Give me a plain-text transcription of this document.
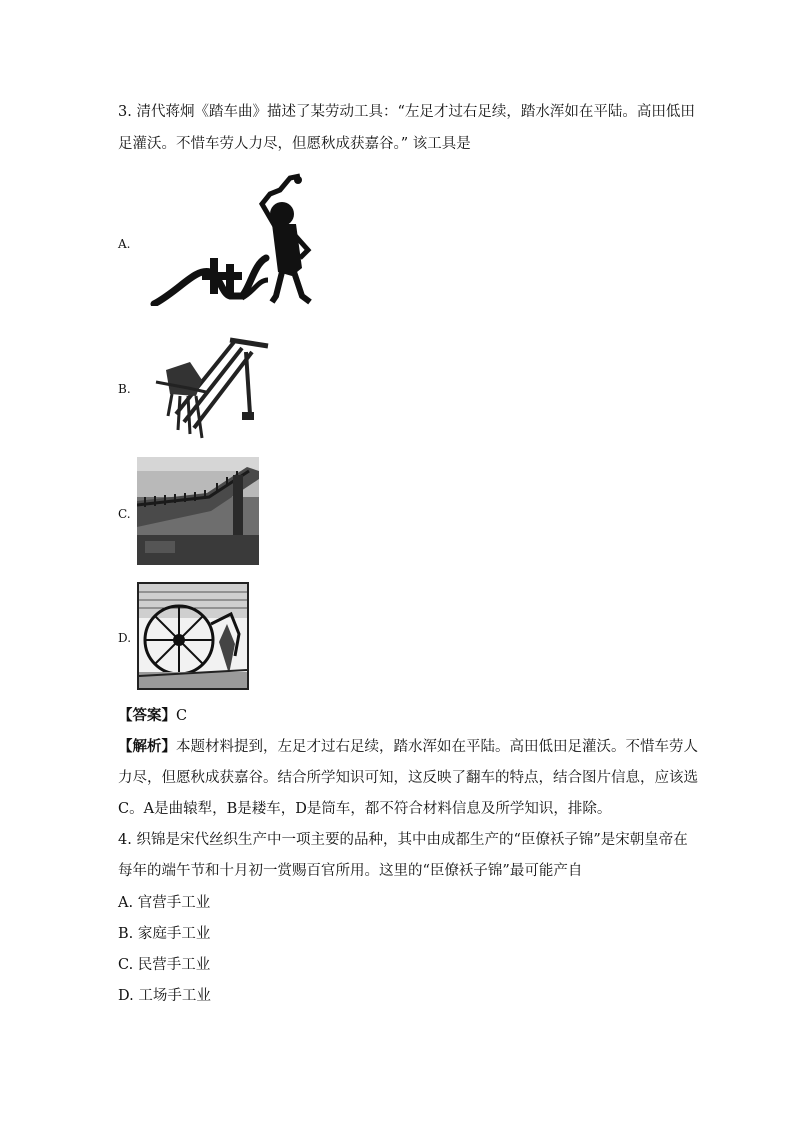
3. 清代蒋炯《踏车曲》描述了某劳动工具：“左足才过右足续，踏水浑如在平陆。高田低田
足灌沃。不惜车劳人力尽，但愿秋成获嘉谷。” 该工具是
A.
B.
C.
D.
【答案】C
【解析】本题材料提到，左足才过右足续，踏水浑如在平陆。高田低田足灌沃。不惜车劳人
力尽，但愿秋成获嘉谷。结合所学知识可知，这反映了翻车的特点，结合图片信息，应该选
C。A是曲辕犁，B是耧车，D是筒车，都不符合材料信息及所学知识，排除。
4. 织锦是宋代丝织生产中一项主要的品种，其中由成都生产的“臣僚袄子锦”是宋朝皇帝在
每年的端午节和十月初一赏赐百官所用。这里的“臣僚袄子锦”最可能产自
A. 官营手工业
B. 家庭手工业
C. 民营手工业
D. 工场手工业
